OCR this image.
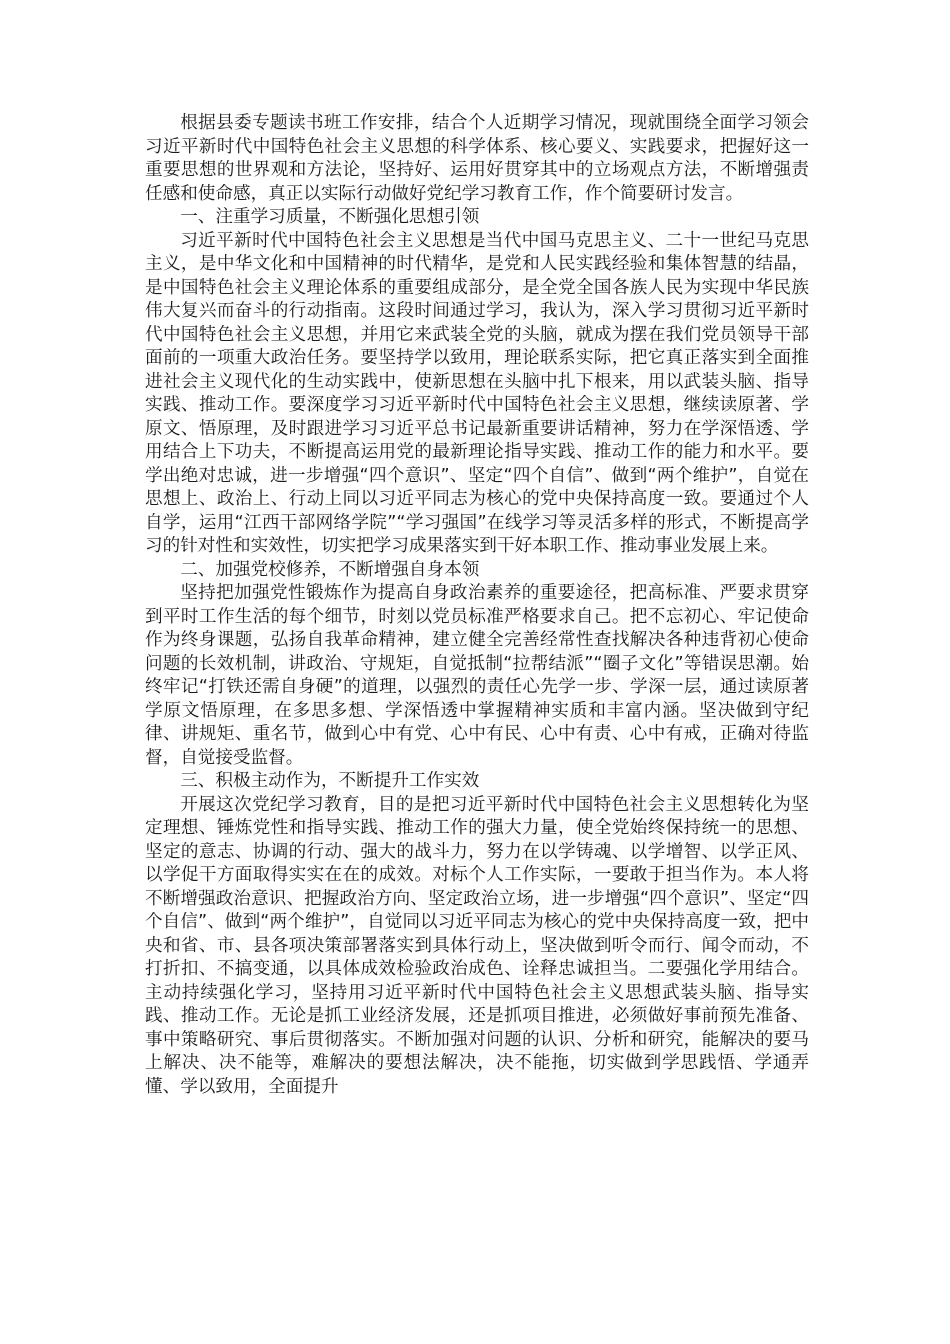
根据县委专题读书班工作安排，结合个人近期学习情况，现就围绕全面学习领会习近平新时代中国特色社会主义思想的科学体系、核心要义、实践要求，把握好这一重要思想的世界观和方法论，坚持好、运用好贯穿其中的立场观点方法，不断增强责任感和使命感，真正以实际行动做好党纪学习教育工作，作个简要研讨发言。

一、注重学习质量，不断强化思想引领

习近平新时代中国特色社会主义思想是当代中国马克思主义、二十一世纪马克思主义，是中华文化和中国精神的时代精华，是党和人民实践经验和集体智慧的结晶，是中国特色社会主义理论体系的重要组成部分，是全党全国各族人民为实现中华民族伟大复兴而奋斗的行动指南。这段时间通过学习，我认为，深入学习贯彻习近平新时代中国特色社会主义思想，并用它来武装全党的头脑，就成为摆在我们党员领导干部面前的一项重大政治任务。要坚持学以致用，理论联系实际，把它真正落实到全面推进社会主义现代化的生动实践中，使新思想在头脑中扎下根来，用以武装头脑、指导实践、推动工作。要深度学习习近平新时代中国特色社会主义思想，继续读原著、学原文、悟原理，及时跟进学习习近平总书记最新重要讲话精神，努力在学深悟透、学用结合上下功夫，不断提高运用党的最新理论指导实践、推动工作的能力和水平。要学出绝对忠诚，进一步增强“四个意识”、坚定“四个自信”、做到“两个维护”，自觉在思想上、政治上、行动上同以习近平同志为核心的党中央保持高度一致。要通过个人自学，运用“江西干部网络学院”“学习强国”在线学习等灵活多样的形式，不断提高学习的针对性和实效性，切实把学习成果落实到干好本职工作、推动事业发展上来。

二、加强党校修养，不断增强自身本领

坚持把加强党性锻炼作为提高自身政治素养的重要途径，把高标准、严要求贯穿到平时工作生活的每个细节，时刻以党员标准严格要求自己。把不忘初心、牢记使命作为终身课题，弘扬自我革命精神，建立健全完善经常性查找解决各种违背初心使命问题的长效机制，讲政治、守规矩，自觉抵制“拉帮结派”“圈子文化”等错误思潮。始终牢记“打铁还需自身硬”的道理，以强烈的责任心先学一步、学深一层，通过读原著学原文悟原理，在多思多想、学深悟透中掌握精神实质和丰富内涵。坚决做到守纪律、讲规矩、重名节，做到心中有党、心中有民、心中有责、心中有戒，正确对待监督，自觉接受监督。

三、积极主动作为，不断提升工作实效

开展这次党纪学习教育，目的是把习近平新时代中国特色社会主义思想转化为坚定理想、锤炼党性和指导实践、推动工作的强大力量，使全党始终保持统一的思想、坚定的意志、协调的行动、强大的战斗力，努力在以学铸魂、以学增智、以学正风、以学促干方面取得实实在在的成效。对标个人工作实际，一要敢于担当作为。本人将不断增强政治意识、把握政治方向、坚定政治立场，进一步增强“四个意识”、坚定“四个自信”、做到“两个维护”，自觉同以习近平同志为核心的党中央保持高度一致，把中央和省、市、县各项决策部署落实到具体行动上，坚决做到听令而行、闻令而动，不打折扣、不搞变通，以具体成效检验政治成色、诠释忠诚担当。二要强化学用结合。主动持续强化学习，坚持用习近平新时代中国特色社会主义思想武装头脑、指导实践、推动工作。无论是抓工业经济发展，还是抓项目推进，必须做好事前预先准备、事中策略研究、事后贯彻落实。不断加强对问题的认识、分析和研究，能解决的要马上解决、决不能等，难解决的要想法解决，决不能拖，切实做到学思践悟、学通弄懂、学以致用，全面提升
